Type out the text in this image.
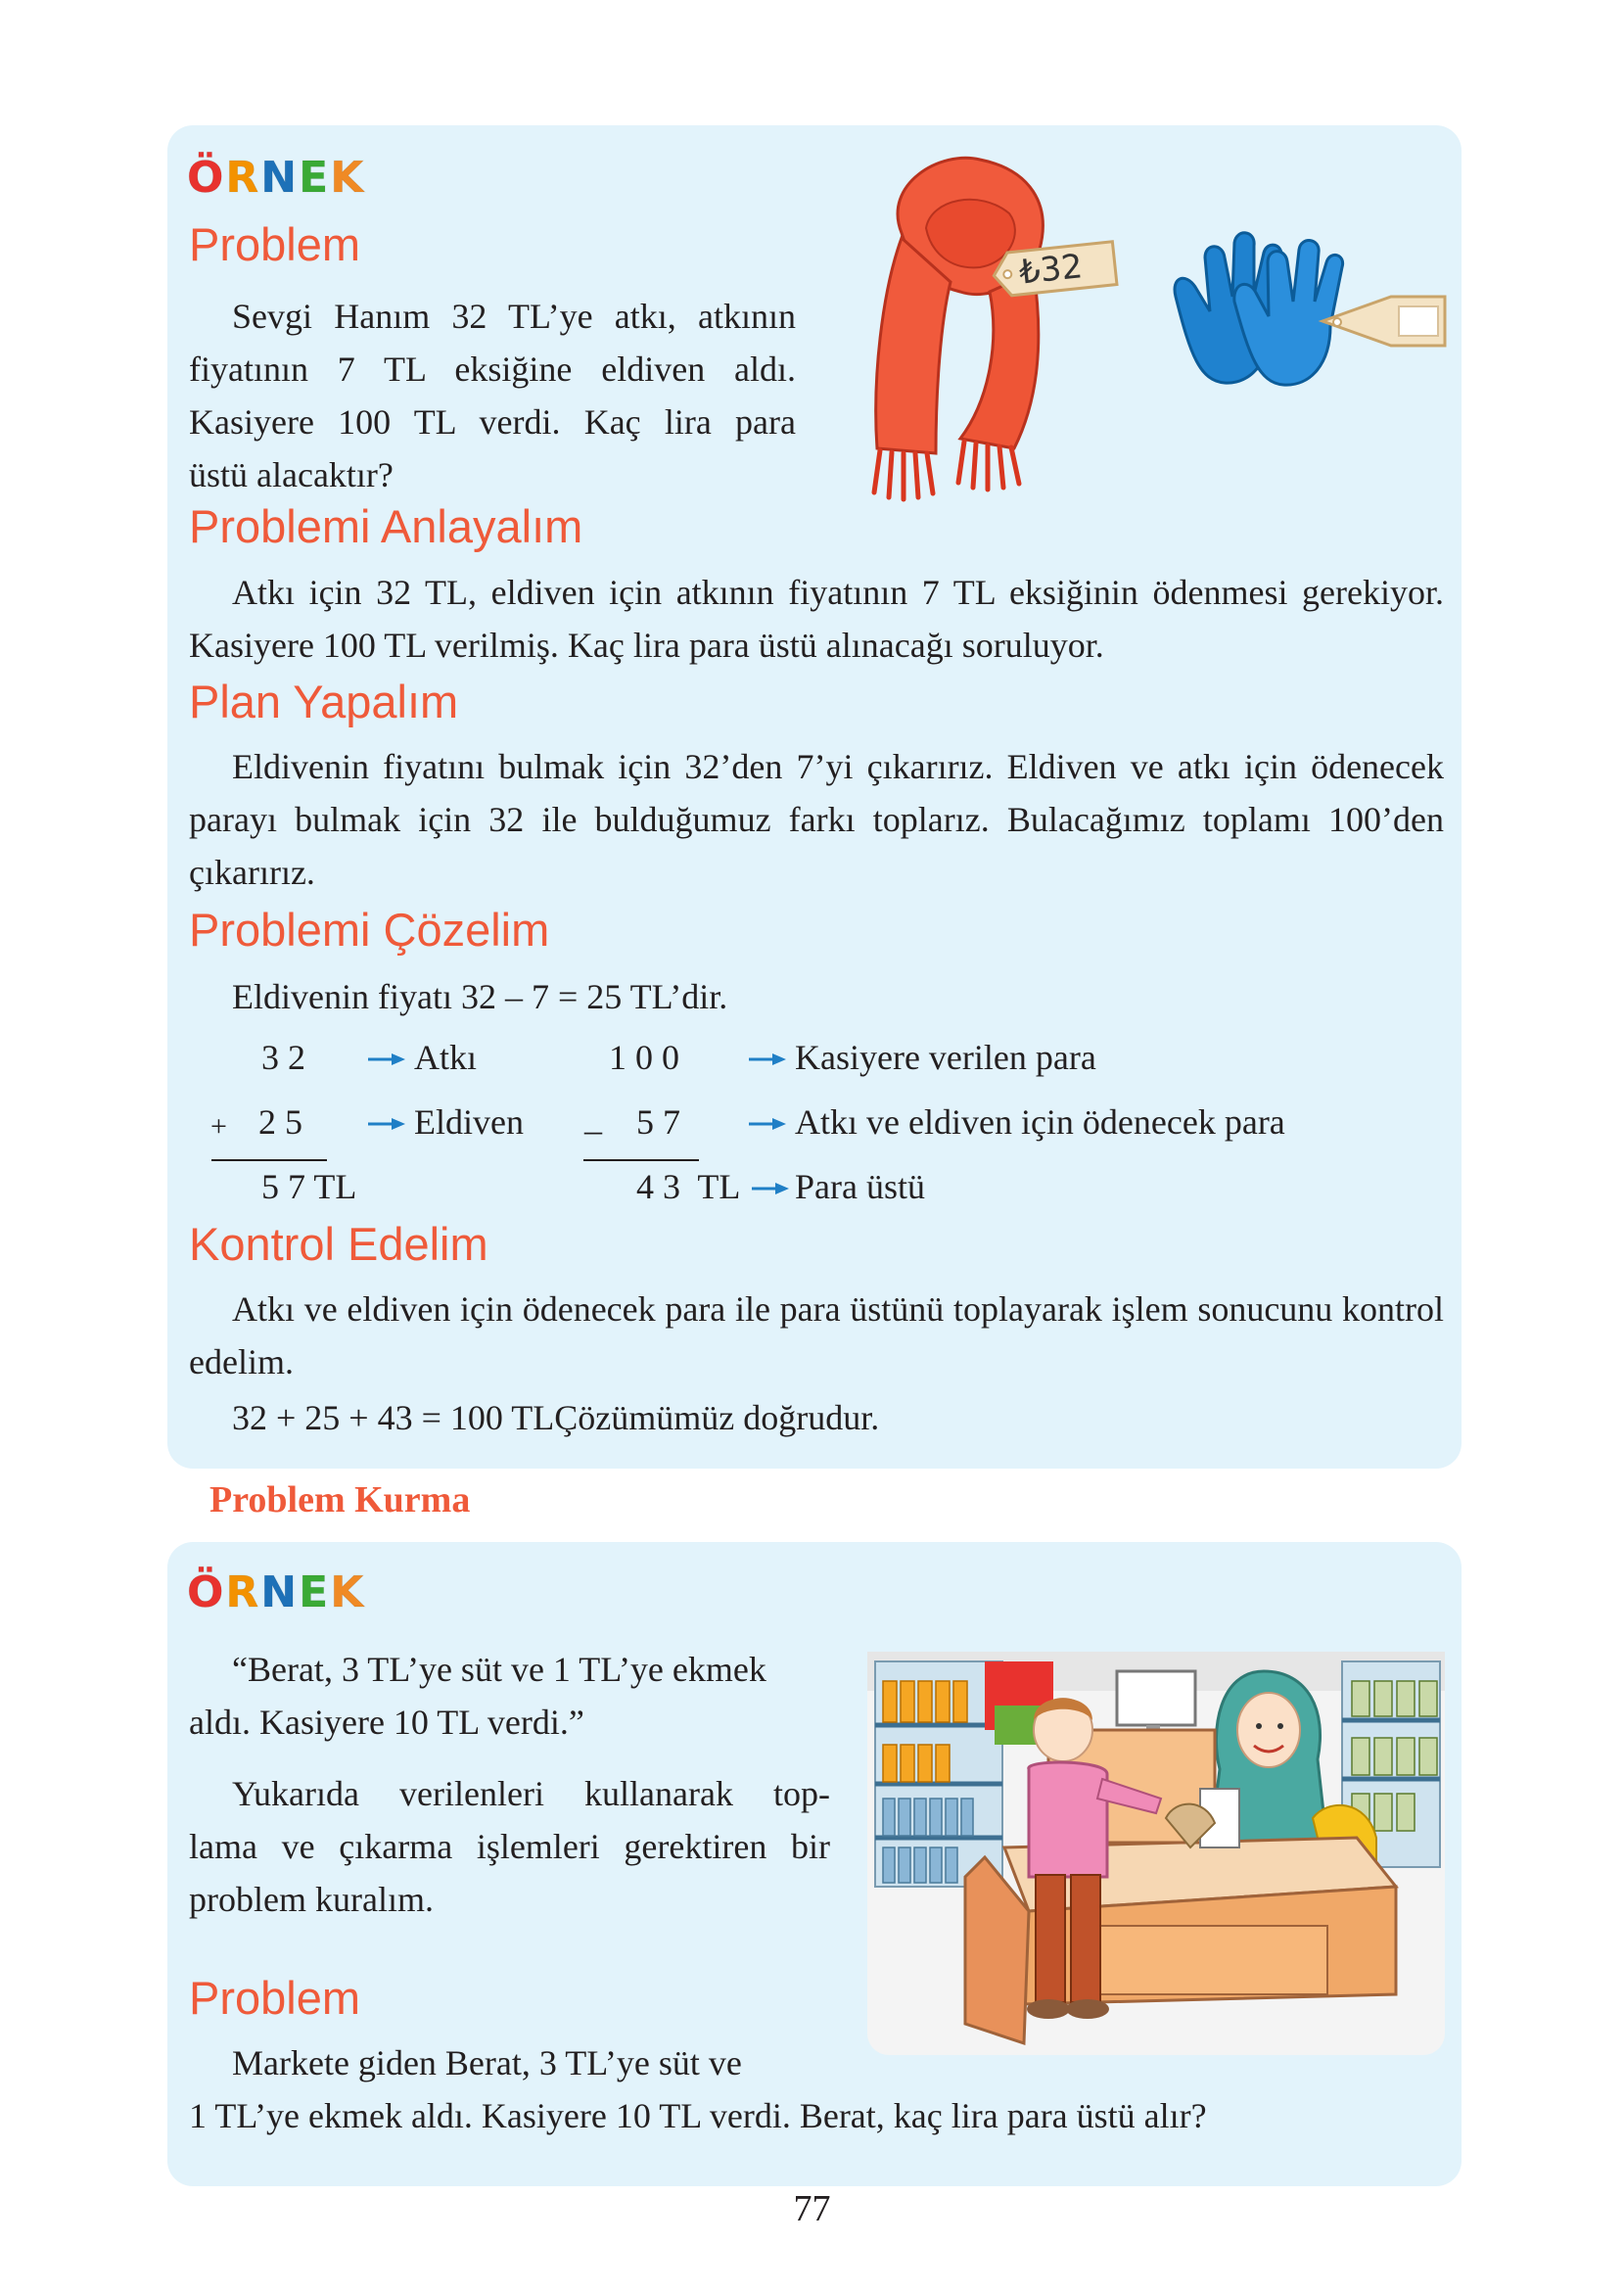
ÖRNEK
Problem
Sevgi Hanım 32 TL’ye atkı, atkının
fiyatının 7 TL eksiğine eldiven aldı.
Kasiyere 100 TL verdi. Kaç lira para
üstü alacaktır?
₺32
Problemi Anlayalım

Atkı için 32 TL, eldiven için atkının fiyatının 7 TL eksiğinin ödenmesi gerekiyor. Kasiyere 100 TL verilmiş. Kaç lira para üstü alınacağı soruluyor.

Plan Yapalım

Eldivenin fiyatını bulmak için 32’den 7’yi çıkarırız. Eldiven ve atkı için ödenecek parayı bulmak için 32 ile bulduğumuz farkı toplarız. Bulacağımız toplamı 100’den çıkarırız.

Problemi Çözelim
Eldivenin fiyatı 32 – 7 = 25 TL’dir.
3 2	Atkı
+ 2 5	Eldiven
5 7 TL
1 0 0	Kasiyere verilen para
_ 5 7	Atkı ve eldiven için ödenecek para
4 3  TL Para üstü
Kontrol Edelim

Atkı ve eldiven için ödenecek para ile para üstünü toplayarak işlem sonucunu kontrol edelim.

32 + 25 + 43 = 100 TLÇözümümüz doğrudur.
Problem Kurma
ÖRNEK
“Berat, 3 TL’ye süt ve 1 TL’ye ekmek
aldı. Kasiyere 10 TL verdi.”
Yukarıda verilenleri kullanarak top-
lama ve çıkarma işlemleri gerektiren bir
problem kuralım.
Problem
Markete giden Berat, 3 TL’ye süt ve
1 TL’ye ekmek aldı. Kasiyere 10 TL verdi. Berat, kaç lira para üstü alır?
77
